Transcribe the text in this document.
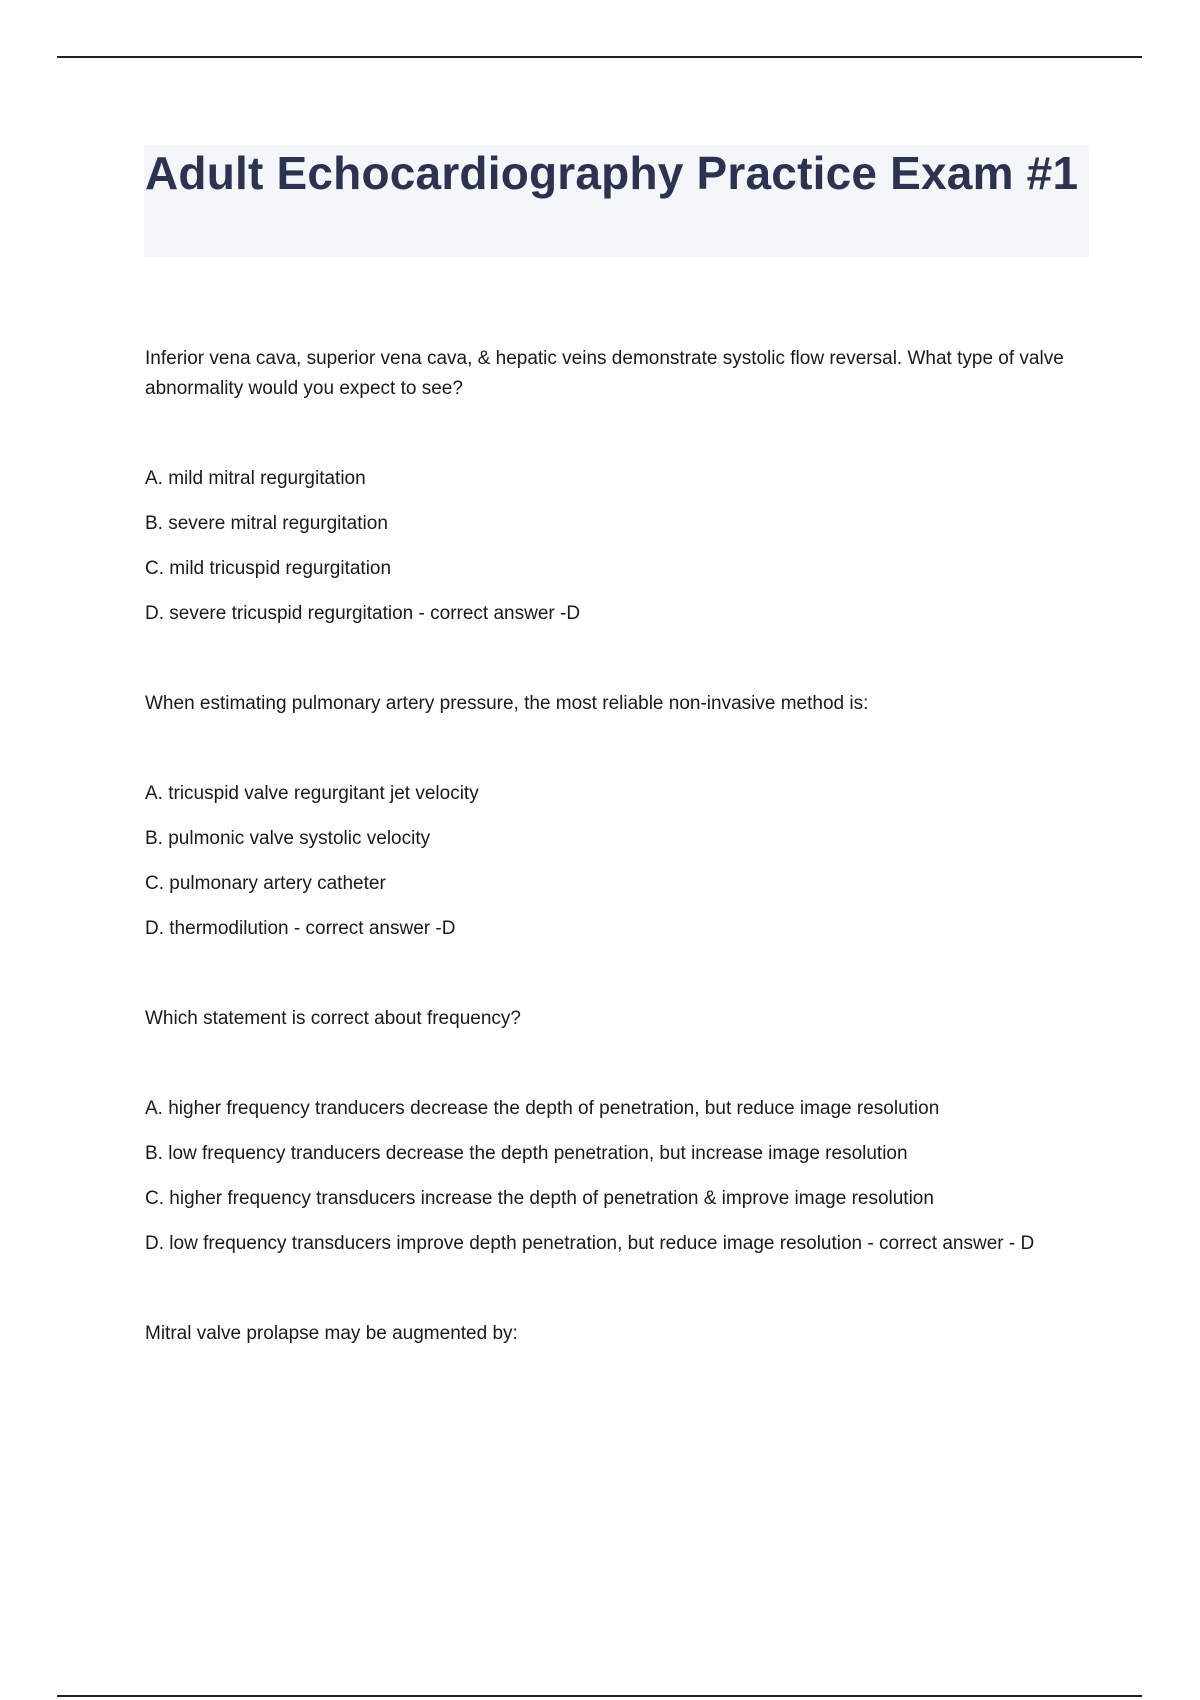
Adult Echocardiography Practice Exam #1

Inferior vena cava, superior vena cava, & hepatic veins demonstrate systolic flow reversal. What type of valve abnormality would you expect to see?

A. mild mitral regurgitation

B. severe mitral regurgitation

C. mild tricuspid regurgitation

D. severe tricuspid regurgitation - correct answer -D

When estimating pulmonary artery pressure, the most reliable non-invasive method is:

A. tricuspid valve regurgitant jet velocity

B. pulmonic valve systolic velocity

C. pulmonary artery catheter

D. thermodilution - correct answer -D

Which statement is correct about frequency?

A. higher frequency tranducers decrease the depth of penetration, but reduce image resolution

B. low frequency tranducers decrease the depth penetration, but increase image resolution

C. higher frequency transducers increase the depth of penetration & improve image resolution

D. low frequency transducers improve depth penetration, but reduce image resolution - correct answer - D

Mitral valve prolapse may be augmented by:
